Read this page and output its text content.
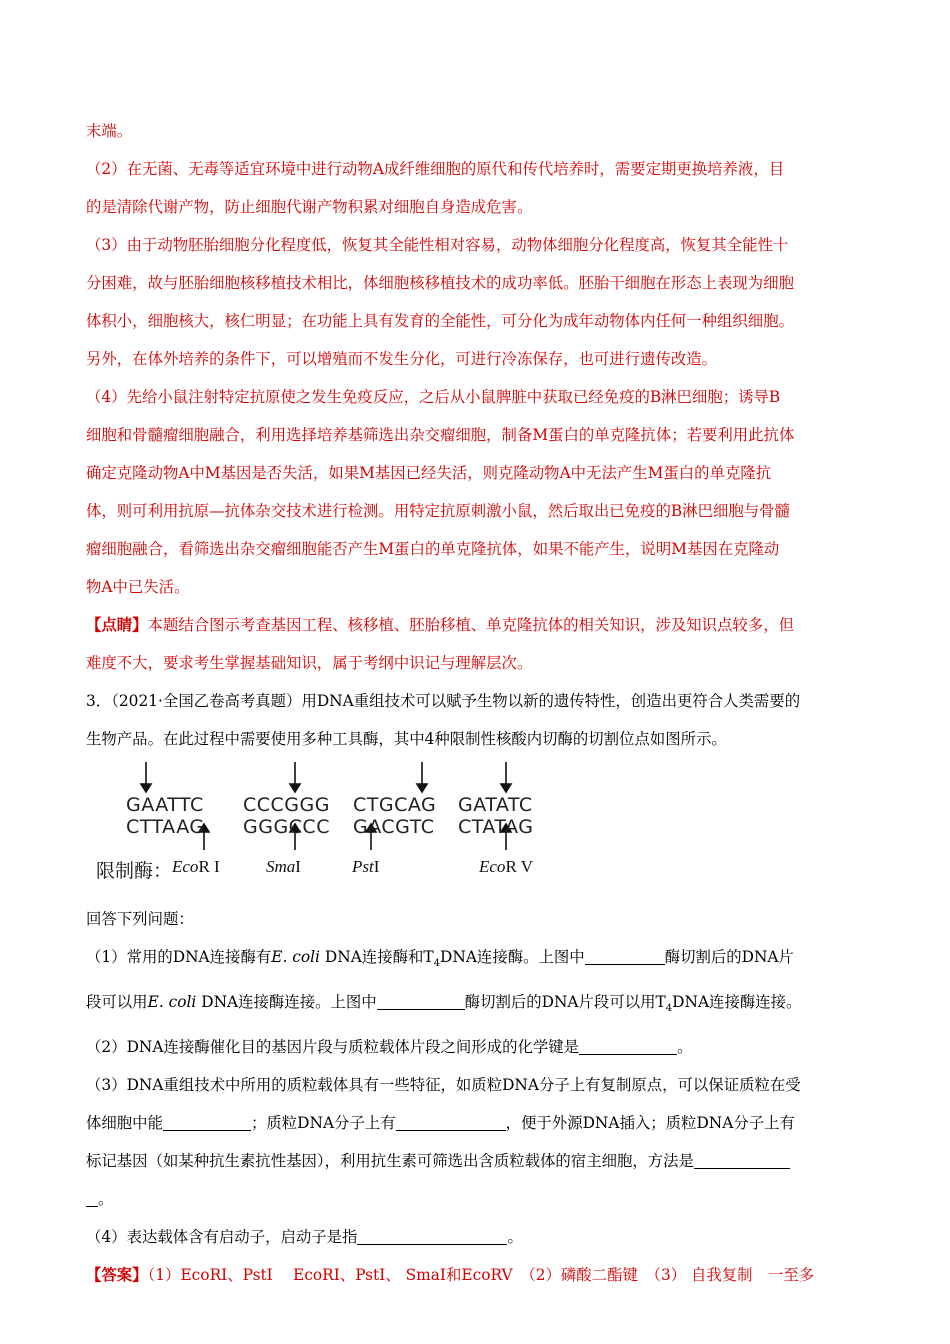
末端。
（2）在无菌、无毒等适宜环境中进行动物A成纤维细胞的原代和传代培养时，需要定期更换培养液，目
的是清除代谢产物，防止细胞代谢产物积累对细胞自身造成危害。
（3）由于动物胚胎细胞分化程度低，恢复其全能性相对容易，动物体细胞分化程度高，恢复其全能性十
分困难，故与胚胎细胞核移植技术相比，体细胞核移植技术的成功率低。胚胎干细胞在形态上表现为细胞
体积小，细胞核大，核仁明显；在功能上具有发育的全能性，可分化为成年动物体内任何一种组织细胞。
另外，在体外培养的条件下，可以增殖而不发生分化，可进行冷冻保存，也可进行遗传改造。
（4）先给小鼠注射特定抗原使之发生免疫反应，之后从小鼠脾脏中获取已经免疫的B淋巴细胞；诱导B
细胞和骨髓瘤细胞融合，利用选择培养基筛选出杂交瘤细胞，制备M蛋白的单克隆抗体；若要利用此抗体
确定克隆动物A中M基因是否失活，如果M基因已经失活，则克隆动物A中无法产生M蛋白的单克隆抗
体，则可利用抗原—抗体杂交技术进行检测。用特定抗原刺激小鼠，然后取出已免疫的B淋巴细胞与骨髓
瘤细胞融合，看筛选出杂交瘤细胞能否产生M蛋白的单克隆抗体，如果不能产生，说明M基因在克隆动
物A中已失活。
【点睛】本题结合图示考查基因工程、核移植、胚胎移植、单克隆抗体的相关知识，涉及知识点较多，但
难度不大，要求考生掌握基础知识，属于考纲中识记与理解层次。
3．（2021·全国乙卷高考真题）用DNA重组技术可以赋予生物以新的遗传特性，创造出更符合人类需要的
生物产品。在此过程中需要使用多种工具酶，其中4种限制性核酸内切酶的切割位点如图所示。
GAATTC
CTTAAG
CCCGGG
GGGCCC
CTGCAG
GACGTC
GATATC
CTATAG
限制酶： EcoR I	SmaI	PstI	EcoR V
回答下列问题：
（1）常用的DNA连接酶有E. coli DNA连接酶和$T_4DNA$连接酶。上图中	酶切割后的DNA片
段可以用E. coli DNA连接酶连接。上图中	酶切割后的DNA片段可以用$T_4DNA$连接酶连接。
（2）DNA连接酶催化目的基因片段与质粒载体片段之间形成的化学键是	。
（3）DNA重组技术中所用的质粒载体具有一些特征，如质粒DNA分子上有复制原点，可以保证质粒在受
体细胞中能	；质粒DNA分子上有	，便于外源DNA插入；质粒DNA分子上有
标记基因（如某种抗生素抗性基因），利用抗生素可筛选出含质粒载体的宿主细胞，方法是
。
（4）表达载体含有启动子，启动子是指	。
【答案】（1）EcoRI、PstI　 EcoRI、PstI、 SmaI和EcoRV　（2）磷酸二酯键　（3） 自我复制　一至多
